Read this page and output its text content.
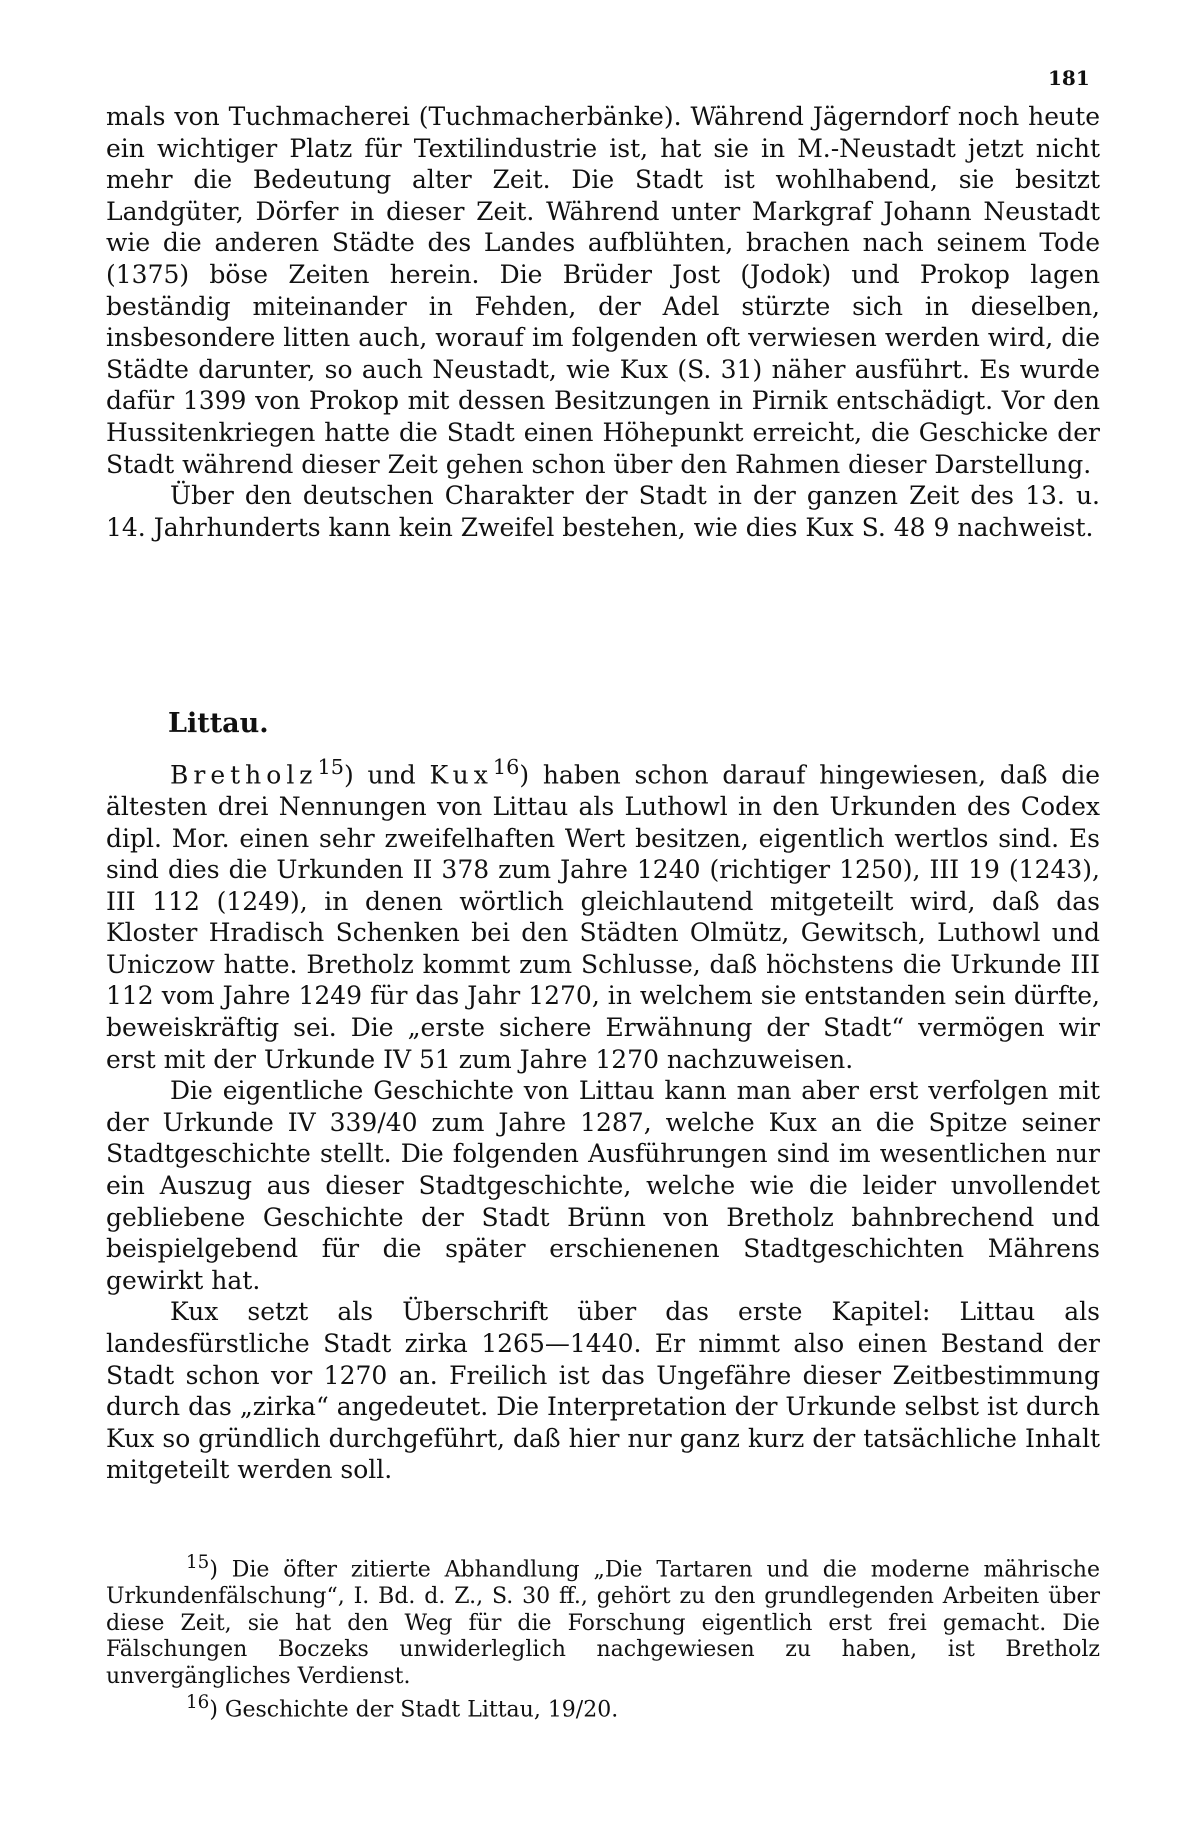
181

mals von Tuchmacherei (Tuchmacherbänke). Während Jägerndorf noch heute ein wichtiger Platz für Textilindustrie ist, hat sie in M.-Neustadt jetzt nicht mehr die Bedeutung alter Zeit. Die Stadt ist wohlhabend, sie besitzt Landgüter, Dörfer in dieser Zeit. Während unter Markgraf Johann Neustadt wie die anderen Städte des Landes aufblühten, brachen nach seinem Tode (1375) böse Zeiten herein. Die Brüder Jost (Jodok) und Prokop lagen beständig miteinander in Fehden, der Adel stürzte sich in dieselben, insbesondere litten auch, worauf im folgenden oft verwiesen werden wird, die Städte darunter, so auch Neustadt, wie Kux (S. 31) näher ausführt. Es wurde dafür 1399 von Prokop mit dessen Besitzungen in Pirnik entschädigt. Vor den Hussitenkriegen hatte die Stadt einen Höhepunkt erreicht, die Geschicke der Stadt während dieser Zeit gehen schon über den Rahmen dieser Darstellung.

Über den deutschen Charakter der Stadt in der ganzen Zeit des 13. u. 14. Jahrhunderts kann kein Zweifel bestehen, wie dies Kux S. 48 9 nachweist.

Littau.

Bretholz$^{15}$) und Kux$^{16}$) haben schon darauf hingewiesen, daß die ältesten drei Nennungen von Littau als Luthowl in den Urkunden des Codex dipl. Mor. einen sehr zweifelhaften Wert besitzen, eigentlich wertlos sind. Es sind dies die Urkunden II 378 zum Jahre 1240 (richtiger 1250), III 19 (1243), III 112 (1249), in denen wörtlich gleichlautend mitgeteilt wird, daß das Kloster Hradisch Schenken bei den Städten Olmütz, Gewitsch, Luthowl und Uniczow hatte. Bretholz kommt zum Schlusse, daß höchstens die Urkunde III 112 vom Jahre 1249 für das Jahr 1270, in welchem sie entstanden sein dürfte, beweiskräftig sei. Die „erste sichere Erwähnung der Stadt“ vermögen wir erst mit der Urkunde IV 51 zum Jahre 1270 nachzuweisen.

Die eigentliche Geschichte von Littau kann man aber erst verfolgen mit der Urkunde IV 339/40 zum Jahre 1287, welche Kux an die Spitze seiner Stadtgeschichte stellt. Die folgenden Ausführungen sind im wesentlichen nur ein Auszug aus dieser Stadtgeschichte, welche wie die leider unvollendet gebliebene Geschichte der Stadt Brünn von Bretholz bahnbrechend und beispielgebend für die später erschienenen Stadtgeschichten Mährens gewirkt hat.

Kux setzt als Überschrift über das erste Kapitel: Littau als landesfürstliche Stadt zirka 1265—1440. Er nimmt also einen Bestand der Stadt schon vor 1270 an. Freilich ist das Ungefähre dieser Zeitbestimmung durch das „zirka“ angedeutet. Die Interpretation der Urkunde selbst ist durch Kux so gründlich durchgeführt, daß hier nur ganz kurz der tatsächliche Inhalt mitgeteilt werden soll.

$^{15}$) Die öfter zitierte Abhandlung „Die Tartaren und die moderne mährische Urkundenfälschung“, I. Bd. d. Z., S. 30 ff., gehört zu den grundlegenden Arbeiten über diese Zeit, sie hat den Weg für die Forschung eigentlich erst frei gemacht. Die Fälschungen Boczeks unwiderleglich nachgewiesen zu haben, ist Bretholz unvergängliches Verdienst.

$^{16}$) Geschichte der Stadt Littau, 19/20.
